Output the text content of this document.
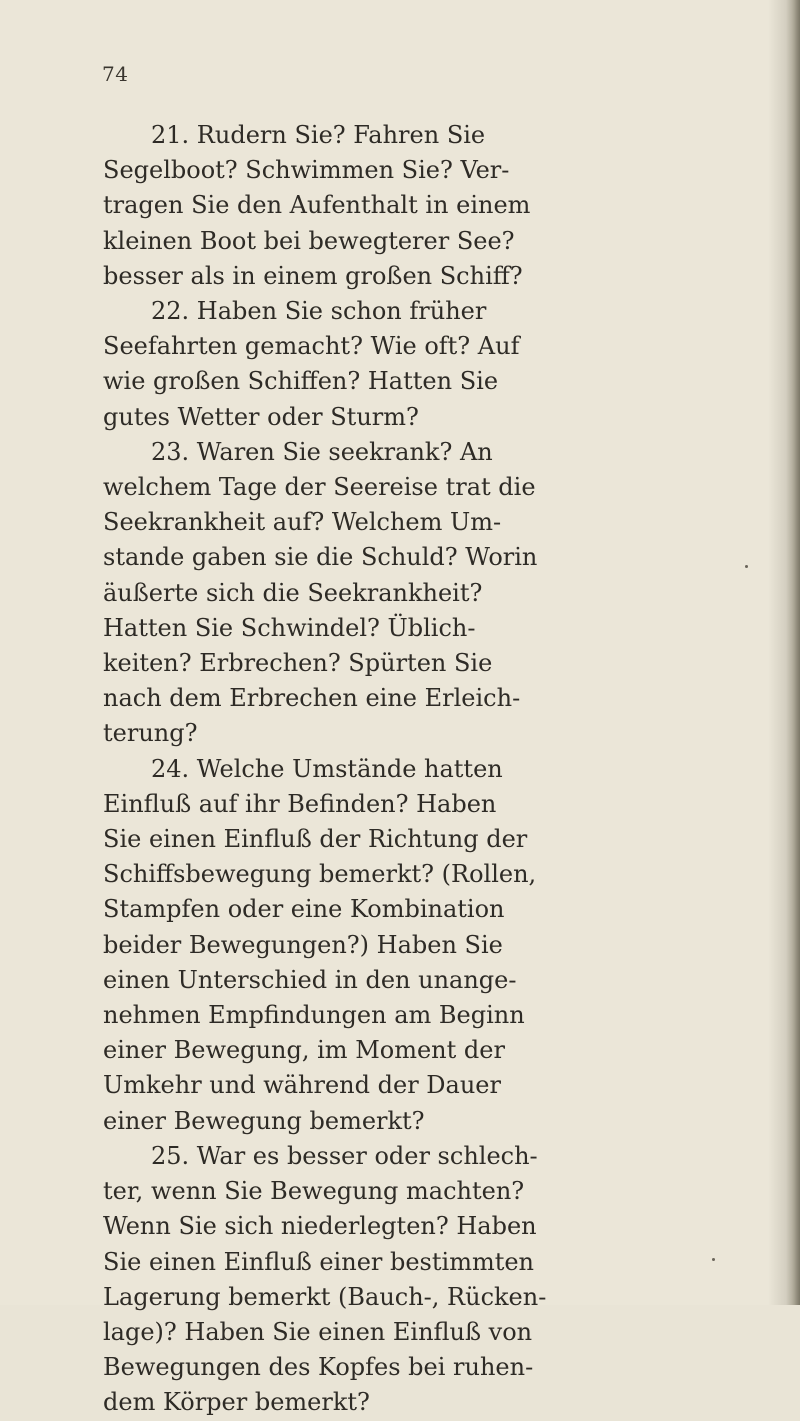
74

21. Rudern Sie? Fahren Sie
Segelboot? Schwimmen Sie? Ver-
tragen Sie den Aufenthalt in einem
kleinen Boot bei bewegterer See?
besser als in einem großen Schiff?

22. Haben Sie schon früher
Seefahrten gemacht? Wie oft? Auf
wie großen Schiffen? Hatten Sie
gutes Wetter oder Sturm?

23. Waren Sie seekrank? An
welchem Tage der Seereise trat die
Seekrankheit auf? Welchem Um-
stande gaben sie die Schuld? Worin
äußerte sich die Seekrankheit?
Hatten Sie Schwindel? Üblich-
keiten? Erbrechen? Spürten Sie
nach dem Erbrechen eine Erleich-
terung?

24. Welche Umstände hatten
Einfluß auf ihr Befinden? Haben
Sie einen Einfluß der Richtung der
Schiffsbewegung bemerkt? (Rollen,
Stampfen oder eine Kombination
beider Bewegungen?) Haben Sie
einen Unterschied in den unange-
nehmen Empfindungen am Beginn
einer Bewegung, im Moment der
Umkehr und während der Dauer
einer Bewegung bemerkt?

25. War es besser oder schlech-
ter, wenn Sie Bewegung machten?
Wenn Sie sich niederlegten? Haben
Sie einen Einfluß einer bestimmten
Lagerung bemerkt (Bauch-, Rücken-
lage)? Haben Sie einen Einfluß von
Bewegungen des Kopfes bei ruhen-
dem Körper bemerkt?
